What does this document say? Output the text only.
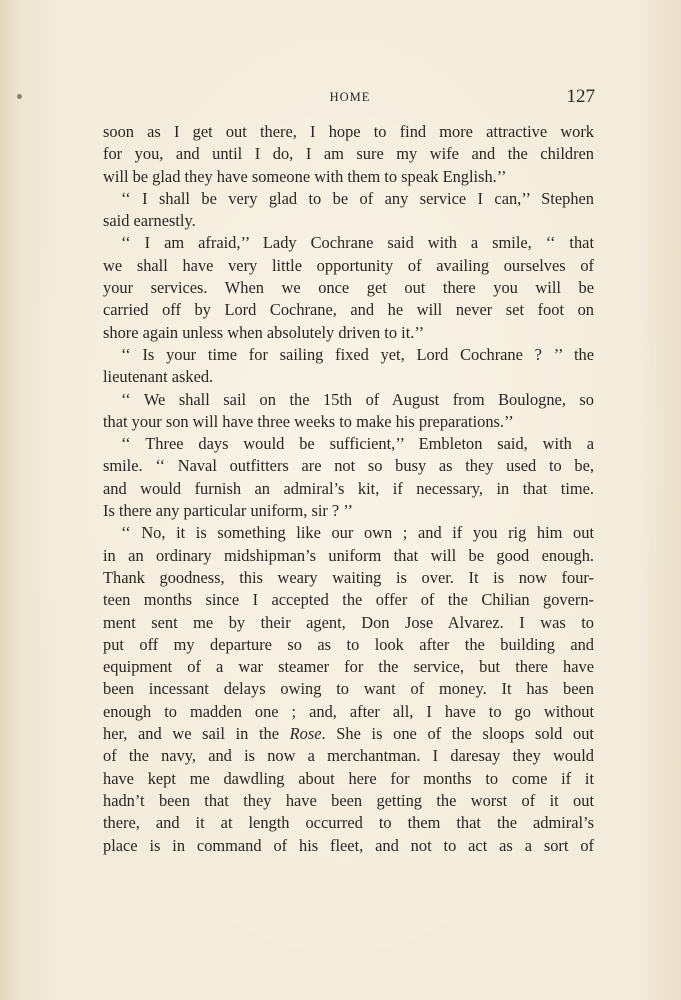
HOME	127
soon as I get out there, I hope to find more attractive work
for you, and until I do, I am sure my wife and the children
will be glad they have someone with them to speak English.’’
‘‘ I shall be very glad to be of any service I can,’’ Stephen
said earnestly.
‘‘ I am afraid,’’ Lady Cochrane said with a smile, ‘‘ that
we shall have very little opportunity of availing ourselves of
your services. When we once get out there you will be
carried off by Lord Cochrane, and he will never set foot on
shore again unless when absolutely driven to it.’’
‘‘ Is your time for sailing fixed yet, Lord Cochrane ? ’’ the
lieutenant asked.
‘‘ We shall sail on the 15th of August from Boulogne, so
that your son will have three weeks to make his preparations.’’
‘‘ Three days would be sufficient,’’ Embleton said, with a
smile. ‘‘ Naval outfitters are not so busy as they used to be,
and would furnish an admiral’s kit, if necessary, in that time.
Is there any particular uniform, sir ? ’’
‘‘ No, it is something like our own ; and if you rig him out
in an ordinary midshipman’s uniform that will be good enough.
Thank goodness, this weary waiting is over. It is now four-
teen months since I accepted the offer of the Chilian govern-
ment sent me by their agent, Don Jose Alvarez. I was to
put off my departure so as to look after the building and
equipment of a war steamer for the service, but there have
been incessant delays owing to want of money. It has been
enough to madden one ; and, after all, I have to go without
her, and we sail in the Rose. She is one of the sloops sold out
of the navy, and is now a merchantman. I daresay they would
have kept me dawdling about here for months to come if it
hadn’t been that they have been getting the worst of it out
there, and it at length occurred to them that the admiral’s
place is in command of his fleet, and not to act as a sort of
